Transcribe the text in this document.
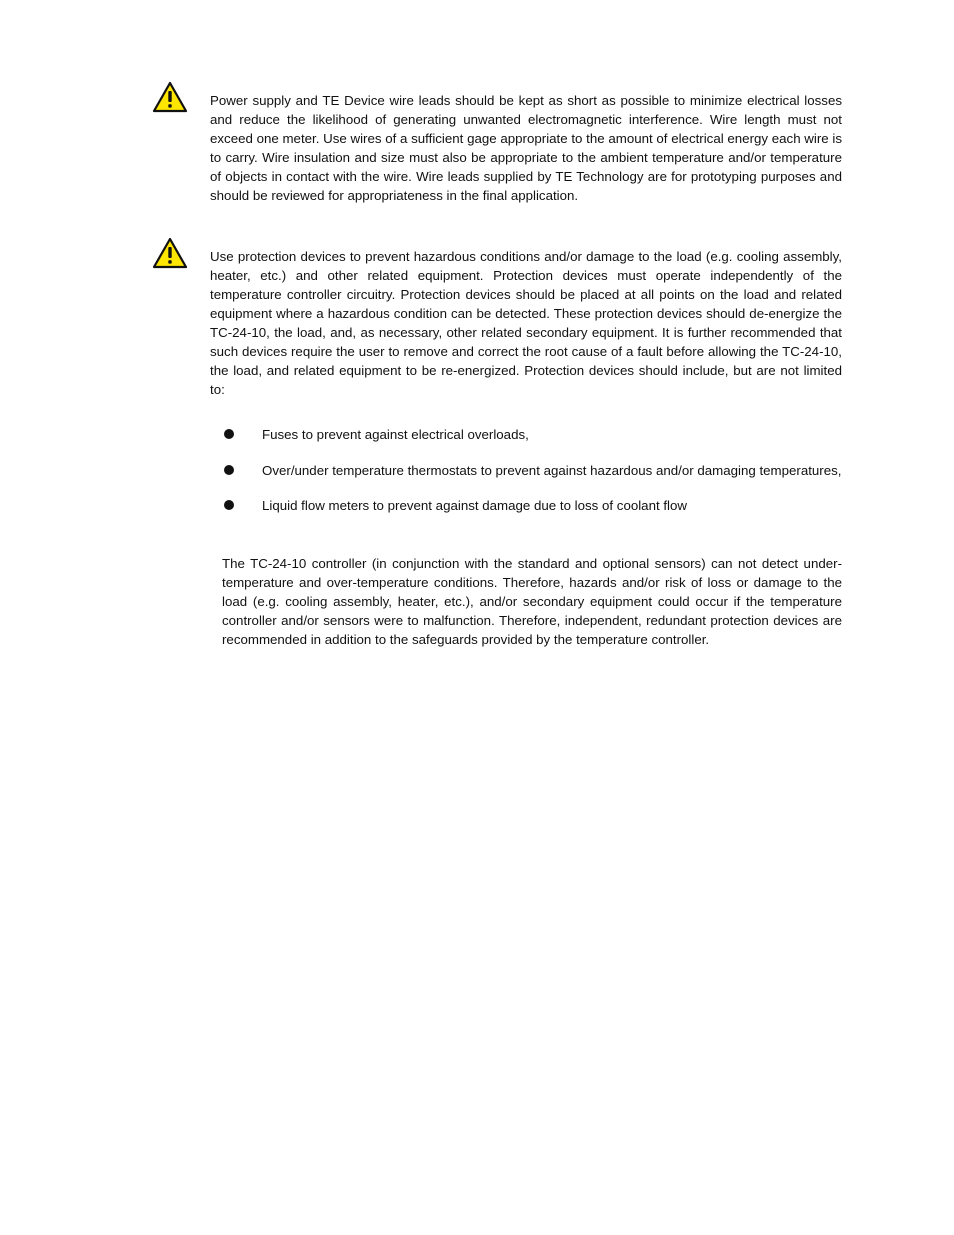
Power supply and TE Device wire leads should be kept as short as possible to minimize electrical losses and reduce the likelihood of generating unwanted electromagnetic interference. Wire length must not exceed one meter. Use wires of a sufficient gage appropriate to the amount of electrical energy each wire is to carry. Wire insulation and size must also be appropriate to the ambient temperature and/or temperature of objects in contact with the wire. Wire leads supplied by TE Technology are for prototyping purposes and should be reviewed for appropriateness in the final application.

Use protection devices to prevent hazardous conditions and/or damage to the load (e.g. cooling assembly, heater, etc.) and other related equipment. Protection devices must operate independently of the temperature controller circuitry. Protection devices should be placed at all points on the load and related equipment where a hazardous condition can be detected. These protection devices should de-energize the TC-24-10, the load, and, as necessary, other related secondary equipment. It is further recommended that such devices require the user to remove and correct the root cause of a fault before allowing the TC-24-10, the load, and related equipment to be re-energized. Protection devices should include, but are not limited to:

Fuses to prevent against electrical overloads,
Over/under temperature thermostats to prevent against hazardous and/or damaging temperatures,
Liquid flow meters to prevent against damage due to loss of coolant flow

The TC-24-10 controller (in conjunction with the standard and optional sensors) can not detect under-temperature and over-temperature conditions. Therefore, hazards and/or risk of loss or damage to the load (e.g. cooling assembly, heater, etc.), and/or secondary equipment could occur if the temperature controller and/or sensors were to malfunction. Therefore, independent, redundant protection devices are recommended in addition to the safeguards provided by the temperature controller.
